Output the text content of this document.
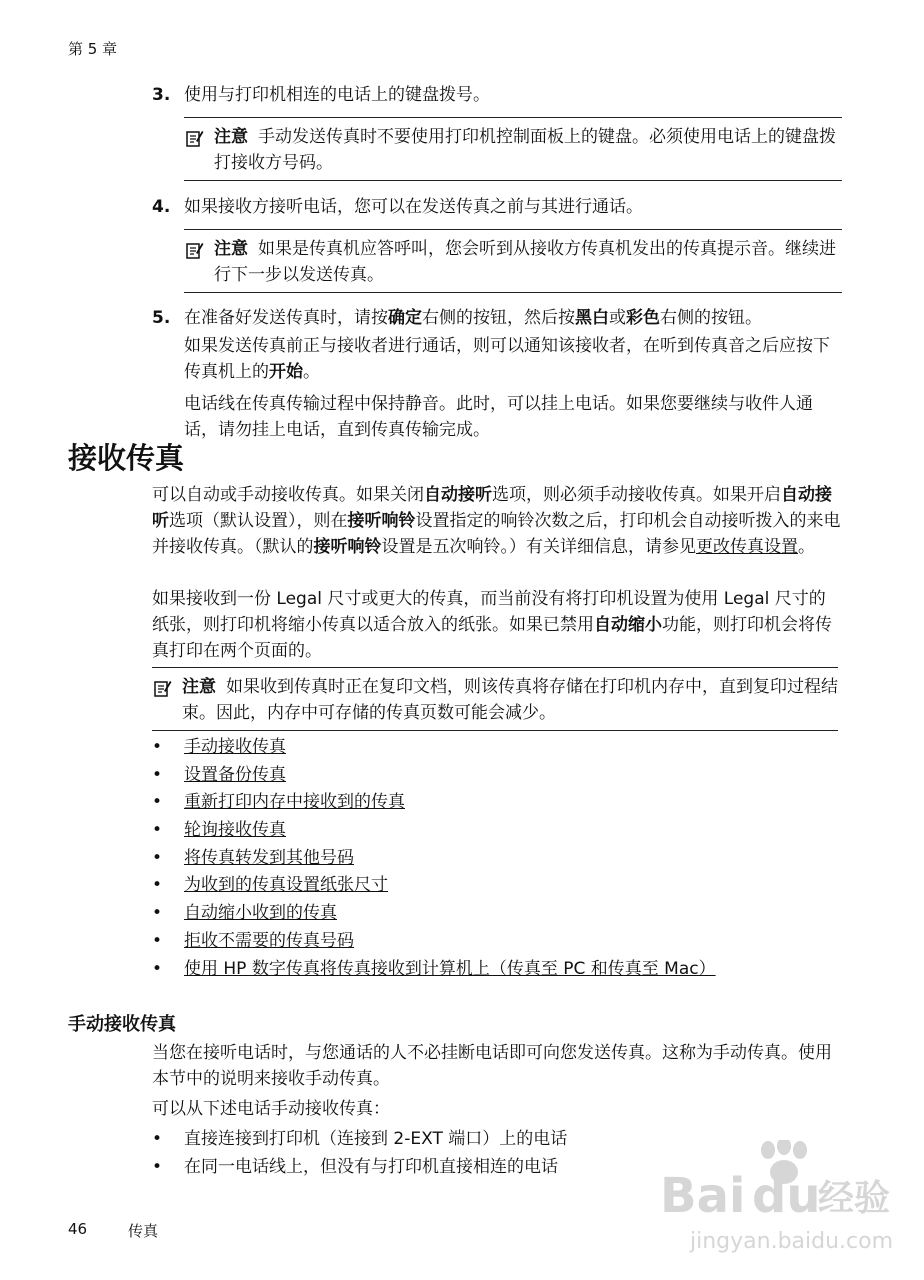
第 5 章
3. 使用与打印机相连的电话上的键盘拨号。

注意 手动发送传真时不要使用打印机控制面板上的键盘。必须使用电话上的键盘拨打接收方号码。
4. 如果接收方接听电话，您可以在发送传真之前与其进行通话。

注意 如果是传真机应答呼叫，您会听到从接收方传真机发出的传真提示音。继续进行下一步以发送传真。
5. 在准备好发送传真时，请按确定右侧的按钮，然后按黑白或彩色右侧的按钮。

如果发送传真前正与接收者进行通话，则可以通知该接收者，在听到传真音之后应按下传真机上的开始。

电话线在传真传输过程中保持静音。此时，可以挂上电话。如果您要继续与收件人通话，请勿挂上电话，直到传真传输完成。

接收传真

可以自动或手动接收传真。如果关闭自动接听选项，则必须手动接收传真。如果开启自动接听选项（默认设置），则在接听响铃设置指定的响铃次数之后，打印机会自动接听拨入的来电并接收传真。（默认的接听响铃设置是五次响铃。）有关详细信息，请参见更改传真设置。

如果接收到一份 Legal 尺寸或更大的传真，而当前没有将打印机设置为使用 Legal 尺寸的纸张，则打印机将缩小传真以适合放入的纸张。如果已禁用自动缩小功能，则打印机会将传真打印在两个页面的。

注意 如果收到传真时正在复印文档，则该传真将存储在打印机内存中，直到复印过程结束。因此，内存中可存储的传真页数可能会减少。
• 手动接收传真
• 设置备份传真
• 重新打印内存中接收到的传真
• 轮询接收传真
• 将传真转发到其他号码
• 为收到的传真设置纸张尺寸
• 自动缩小收到的传真
• 拒收不需要的传真号码
• 使用 HP 数字传真将传真接收到计算机上（传真至 PC 和传真至 Mac）
手动接收传真

当您在接听电话时，与您通话的人不必挂断电话即可向您发送传真。这称为手动传真。使用本节中的说明来接收手动传真。

可以从下述电话手动接收传真：

• 直接连接到打印机（连接到 2-EXT 端口）上的电话
• 在同一电话线上，但没有与打印机直接相连的电话
46	传真
Bai du
经验
jingyan.baidu.com
